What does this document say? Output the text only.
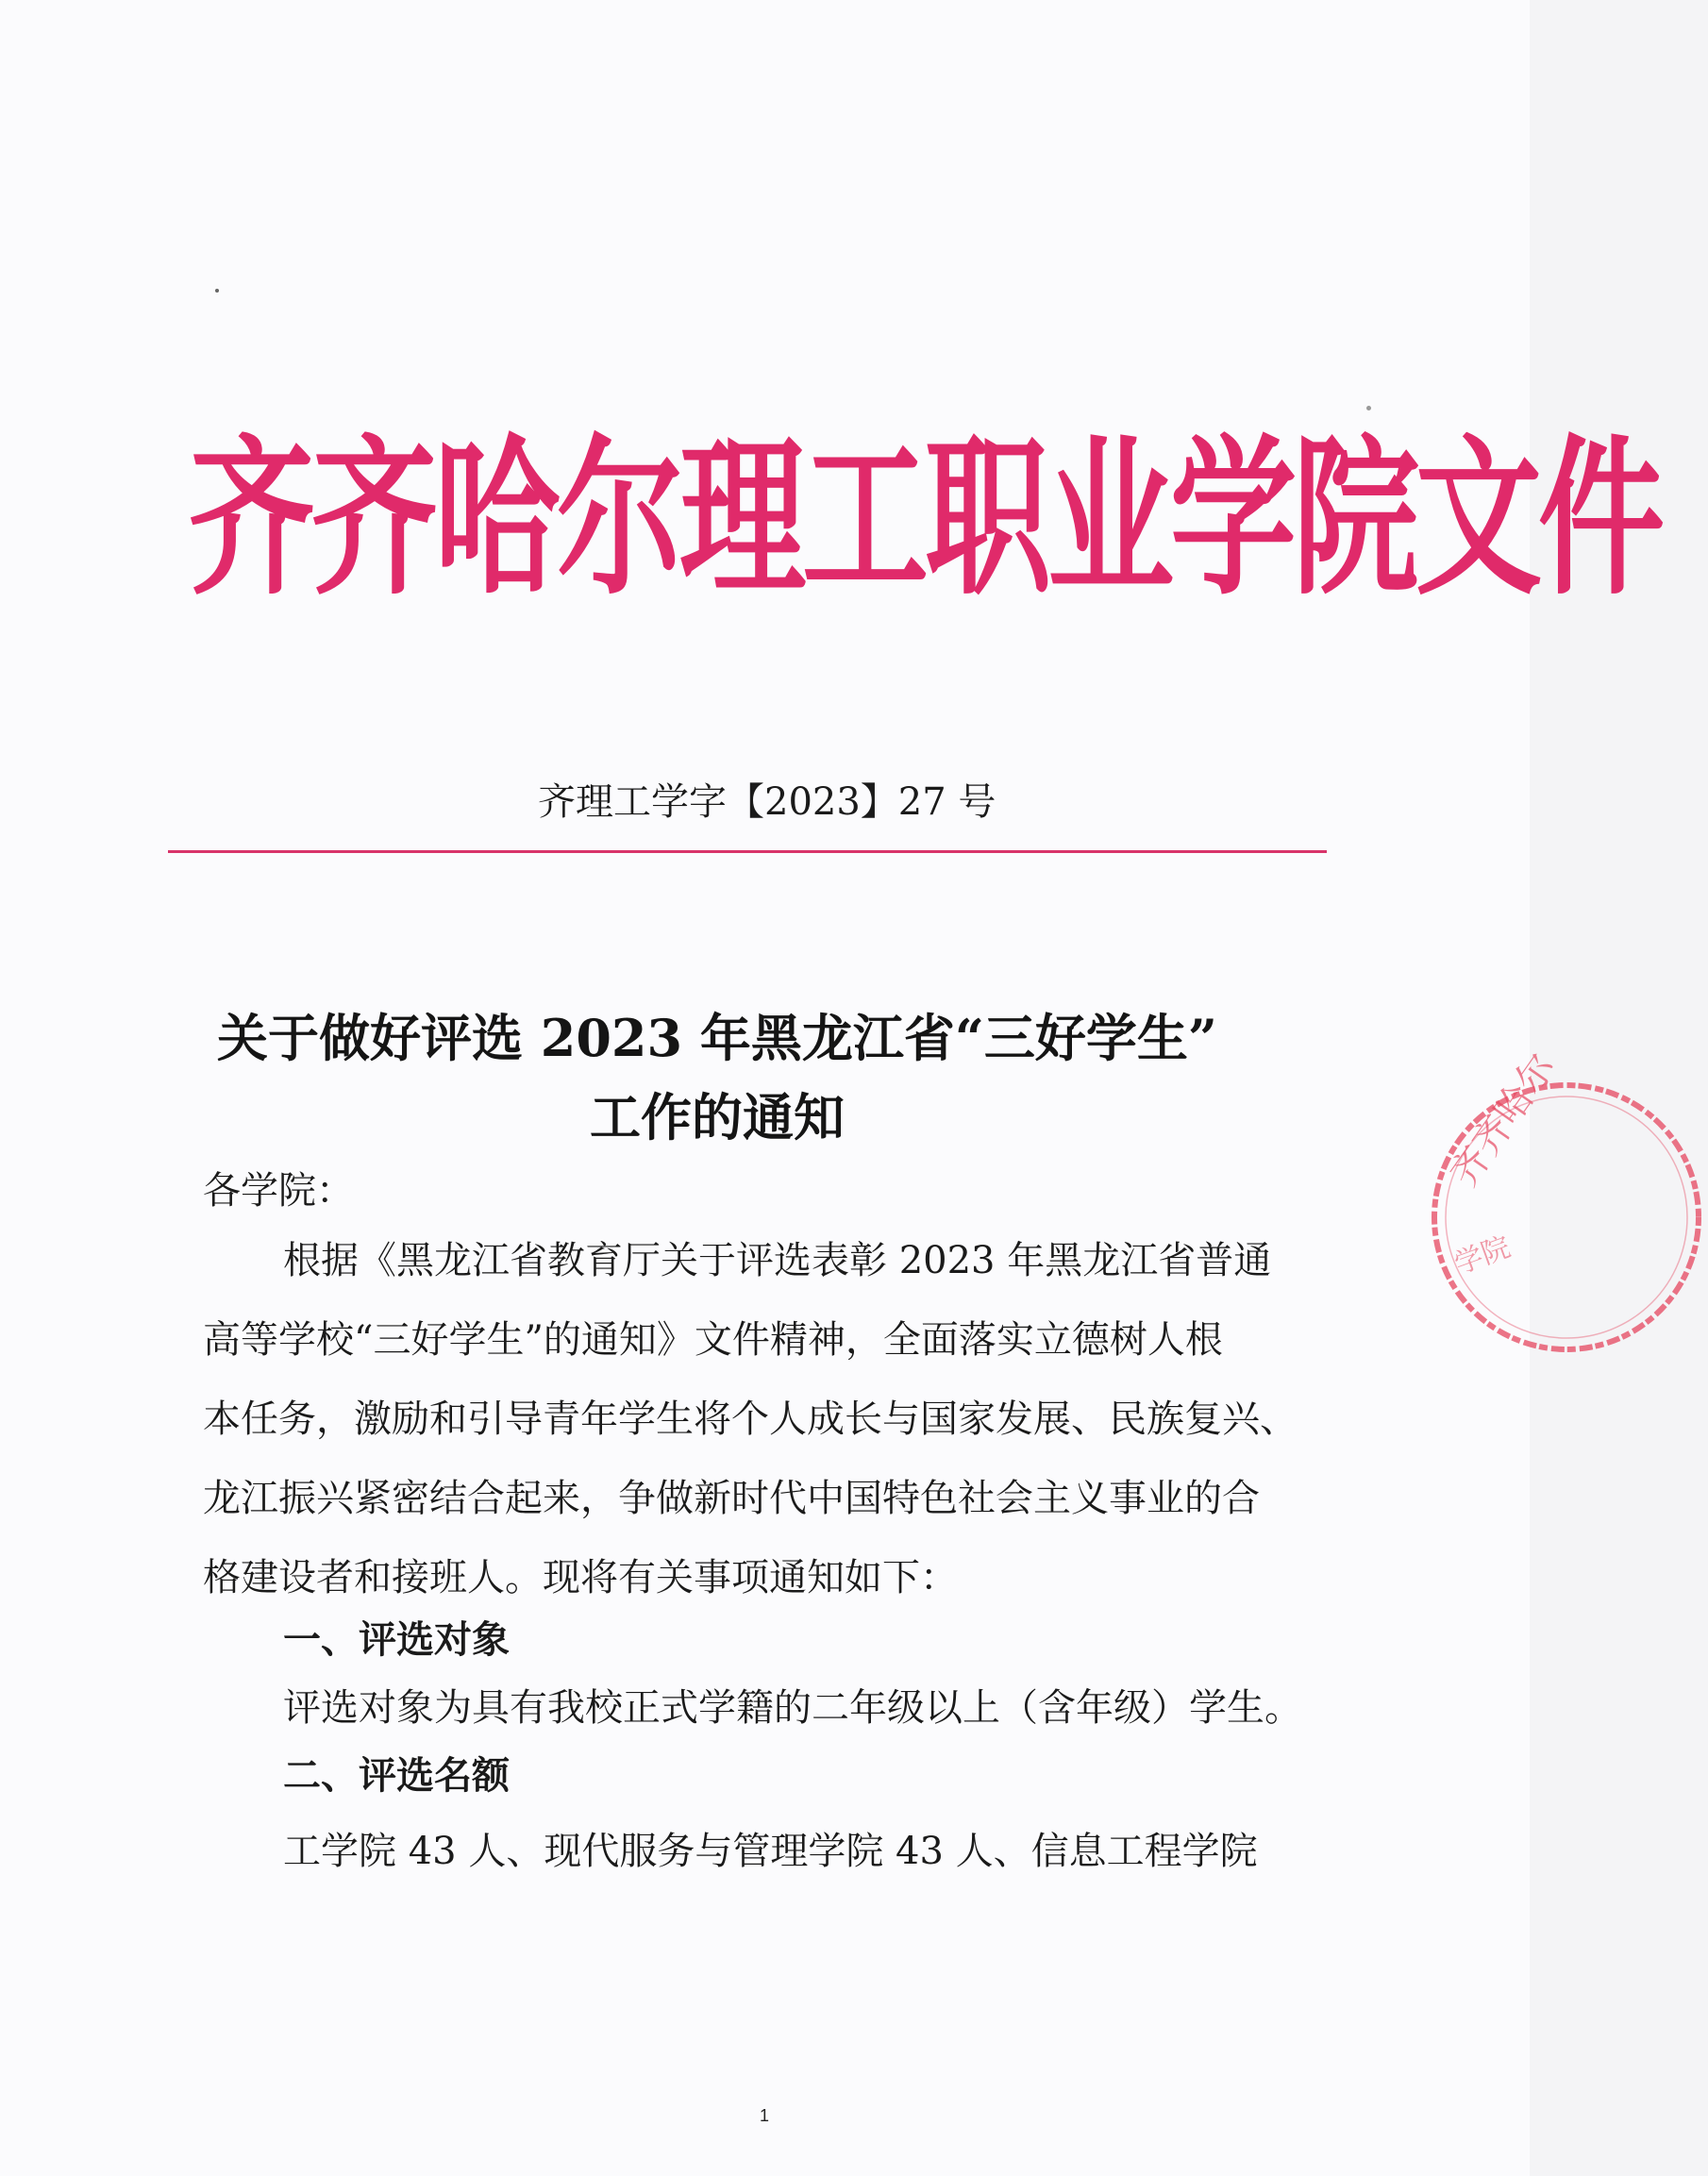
齐齐哈尔理工职业学院文件
齐理工学字【2023】27 号
关于做好评选 2023 年黑龙江省“三好学生”
工作的通知
各学院：
根据《黑龙江省教育厅关于评选表彰 2023 年黑龙江省普通
高等学校“三好学生”的通知》文件精神，全面落实立德树人根
本任务，激励和引导青年学生将个人成长与国家发展、民族复兴、
龙江振兴紧密结合起来，争做新时代中国特色社会主义事业的合
格建设者和接班人。现将有关事项通知如下：
一、评选对象
评选对象为具有我校正式学籍的二年级以上（含年级）学生。
二、评选名额
工学院 43 人、现代服务与管理学院 43 人、信息工程学院
齐齐哈尔
学院
1
